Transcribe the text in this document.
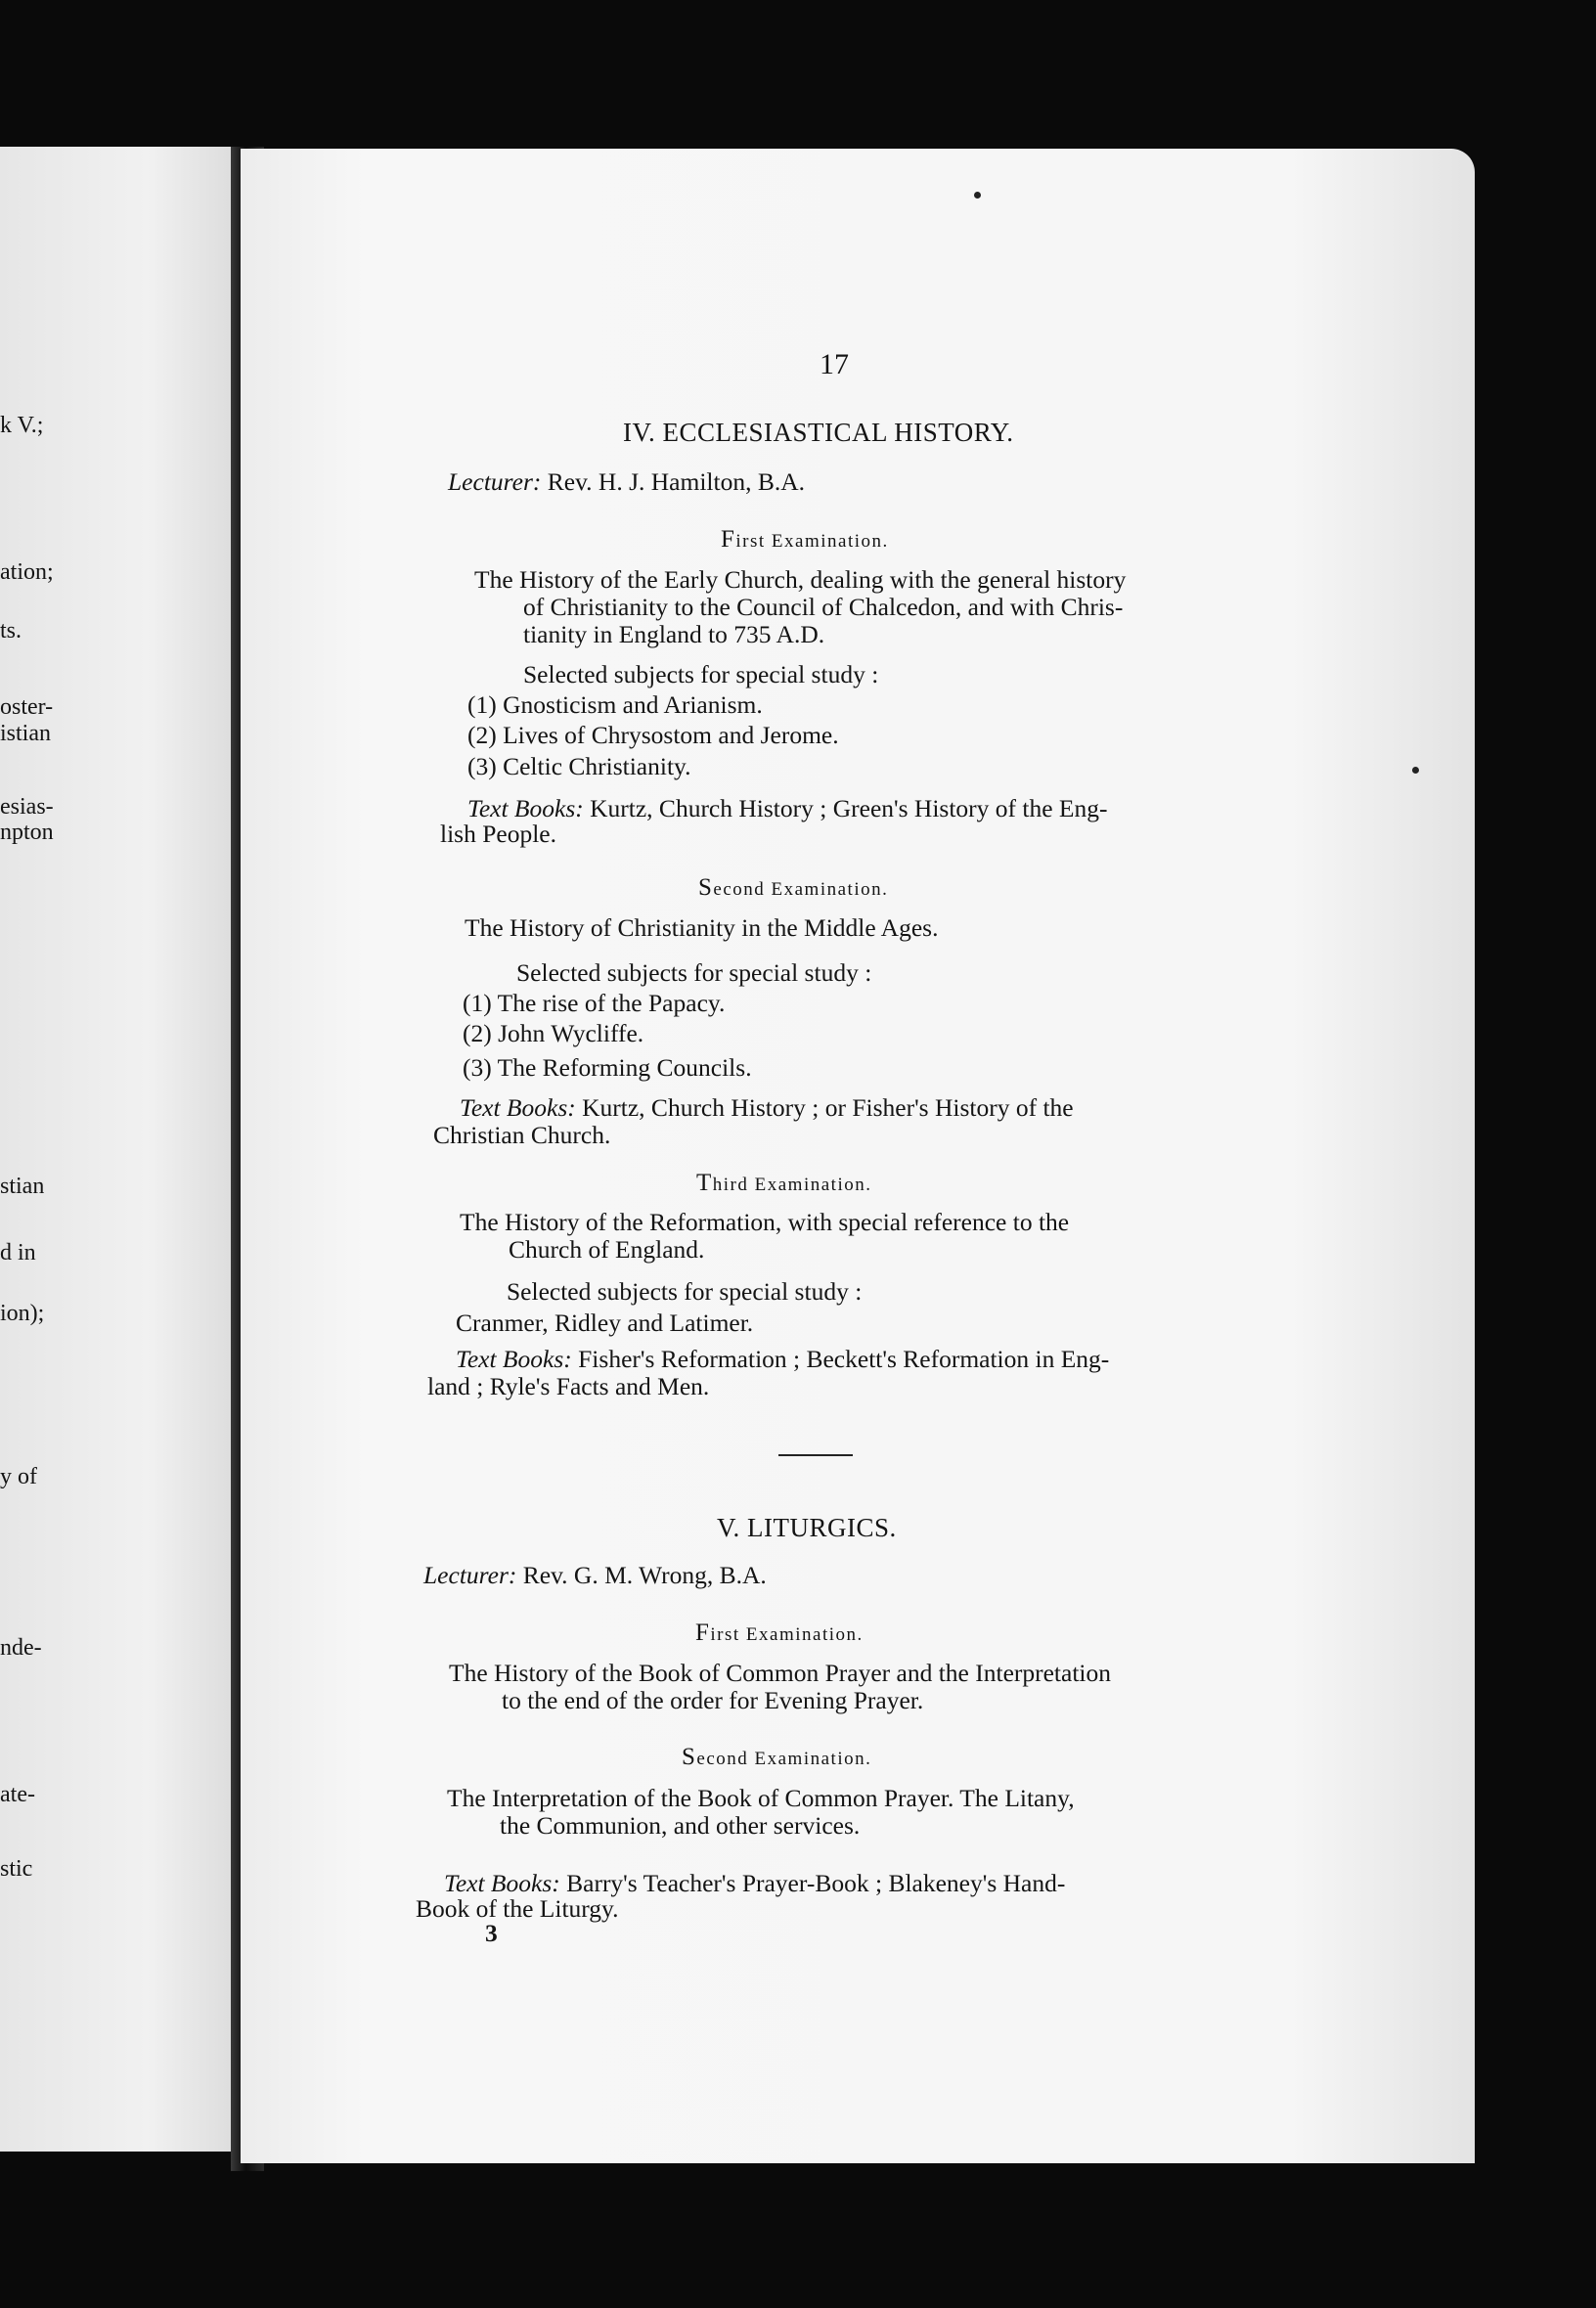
k V.;
ation;
ts.
oster-
istian
esias-
npton
stian
d in
ion);
y of
nde-
ate-
stic
17
IV. ECCLESIASTICAL HISTORY.
Lecturer: Rev. H. J. Hamilton, B.A.
First Examination.
The History of the Early Church, dealing with the general history
of Christianity to the Council of Chalcedon, and with Chris-
tianity in England to 735 A.D.
Selected subjects for special study :
(1) Gnosticism and Arianism.
(2) Lives of Chrysostom and Jerome.
(3) Celtic Christianity.
Text Books: Kurtz, Church History ; Green's History of the Eng-
lish People.
Second Examination.
The History of Christianity in the Middle Ages.
Selected subjects for special study :
(1) The rise of the Papacy.
(2) John Wycliffe.
(3) The Reforming Councils.
Text Books: Kurtz, Church History ; or Fisher's History of the
Christian Church.
Third Examination.
The History of the Reformation, with special reference to the
Church of England.
Selected subjects for special study :
Cranmer, Ridley and Latimer.
Text Books: Fisher's Reformation ; Beckett's Reformation in Eng-
land ; Ryle's Facts and Men.
V. LITURGICS.
Lecturer: Rev. G. M. Wrong, B.A.
First Examination.
The History of the Book of Common Prayer and the Interpretation
to the end of the order for Evening Prayer.
Second Examination.
The Interpretation of the Book of Common Prayer. The Litany,
the Communion, and other services.
Text Books: Barry's Teacher's Prayer-Book ; Blakeney's Hand-
Book of the Liturgy.
3
